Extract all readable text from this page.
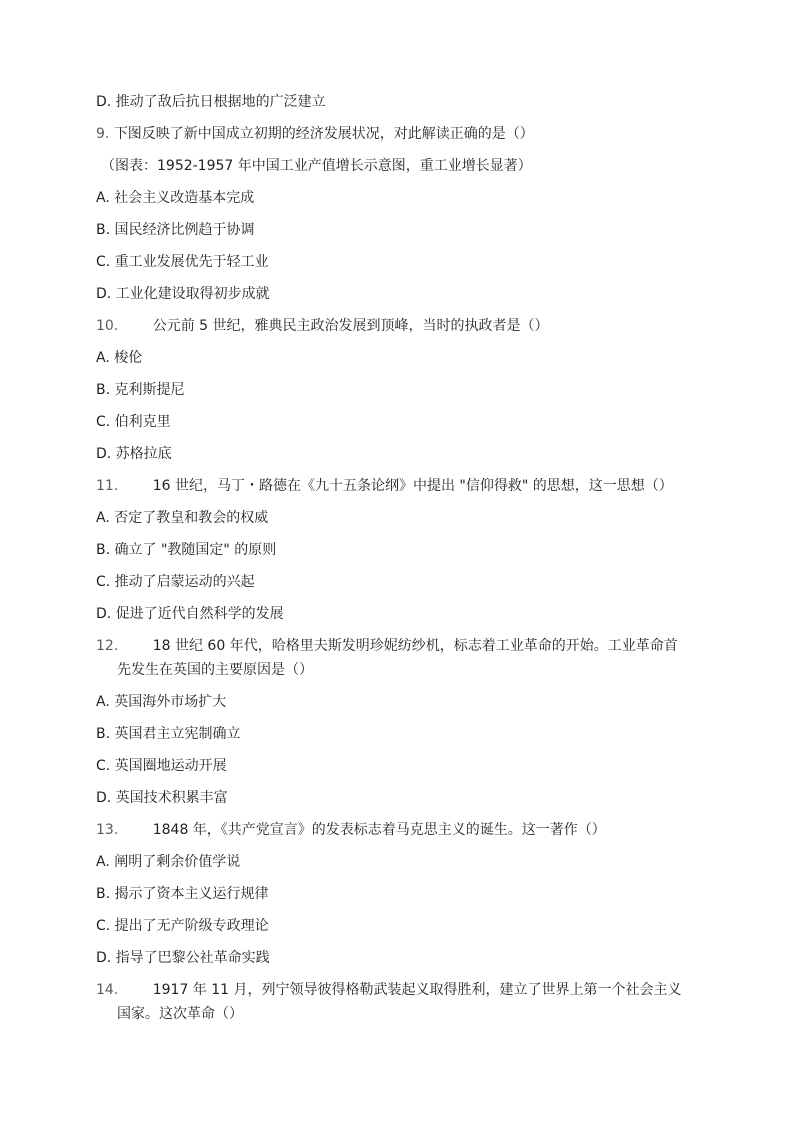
D. 推动了敌后抗日根据地的广泛建立
9. 下图反映了新中国成立初期的经济发展状况，对此解读正确的是（）
（图表：1952-1957 年中国工业产值增长示意图，重工业增长显著）
A. 社会主义改造基本完成
B. 国民经济比例趋于协调
C. 重工业发展优先于轻工业
D. 工业化建设取得初步成就
10. 公元前 5 世纪，雅典民主政治发展到顶峰，当时的执政者是（）
A. 梭伦
B. 克利斯提尼
C. 伯利克里
D. 苏格拉底
11. 16 世纪，马丁・路德在《九十五条论纲》中提出 "信仰得救" 的思想，这一思想（）
A. 否定了教皇和教会的权威
B. 确立了 "教随国定" 的原则
C. 推动了启蒙运动的兴起
D. 促进了近代自然科学的发展
12. 18 世纪 60 年代，哈格里夫斯发明珍妮纺纱机，标志着工业革命的开始。工业革命首
先发生在英国的主要原因是（）
A. 英国海外市场扩大
B. 英国君主立宪制确立
C. 英国圈地运动开展
D. 英国技术积累丰富
13. 1848 年，《共产党宣言》的发表标志着马克思主义的诞生。这一著作（）
A. 阐明了剩余价值学说
B. 揭示了资本主义运行规律
C. 提出了无产阶级专政理论
D. 指导了巴黎公社革命实践
14. 1917 年 11 月，列宁领导彼得格勒武装起义取得胜利，建立了世界上第一个社会主义
国家。这次革命（）
